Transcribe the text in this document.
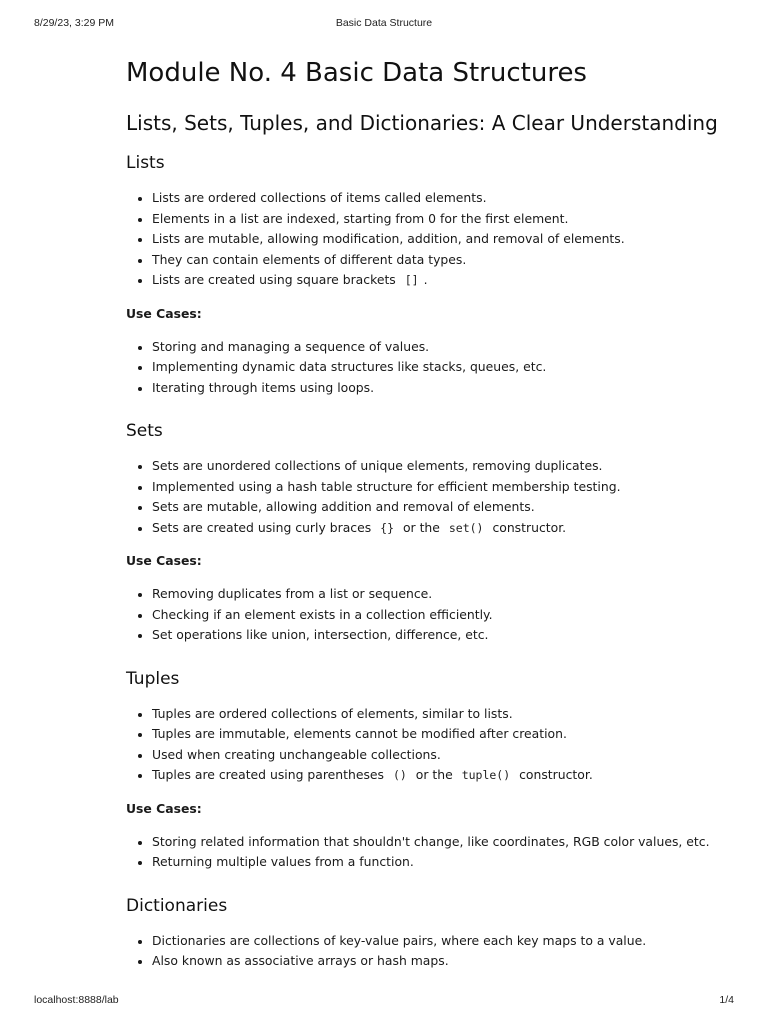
8/29/23, 3:29 PM	Basic Data Structure
Module No. 4 Basic Data Structures
Lists, Sets, Tuples, and Dictionaries: A Clear Understanding
Lists
• Lists are ordered collections of items called elements.
• Elements in a list are indexed, starting from 0 for the first element.
• Lists are mutable, allowing modification, addition, and removal of elements.
• They can contain elements of different data types.
• Lists are created using square brackets [] .
Use Cases:
• Storing and managing a sequence of values.
• Implementing dynamic data structures like stacks, queues, etc.
• Iterating through items using loops.
Sets
• Sets are unordered collections of unique elements, removing duplicates.
• Implemented using a hash table structure for efficient membership testing.
• Sets are mutable, allowing addition and removal of elements.
• Sets are created using curly braces {} or the set() constructor.
Use Cases:
• Removing duplicates from a list or sequence.
• Checking if an element exists in a collection efficiently.
• Set operations like union, intersection, difference, etc.
Tuples
• Tuples are ordered collections of elements, similar to lists.
• Tuples are immutable, elements cannot be modified after creation.
• Used when creating unchangeable collections.
• Tuples are created using parentheses () or the tuple() constructor.
Use Cases:
• Storing related information that shouldn't change, like coordinates, RGB color values, etc.
• Returning multiple values from a function.
Dictionaries
• Dictionaries are collections of key-value pairs, where each key maps to a value.
• Also known as associative arrays or hash maps.
localhost:8888/lab	1/4
